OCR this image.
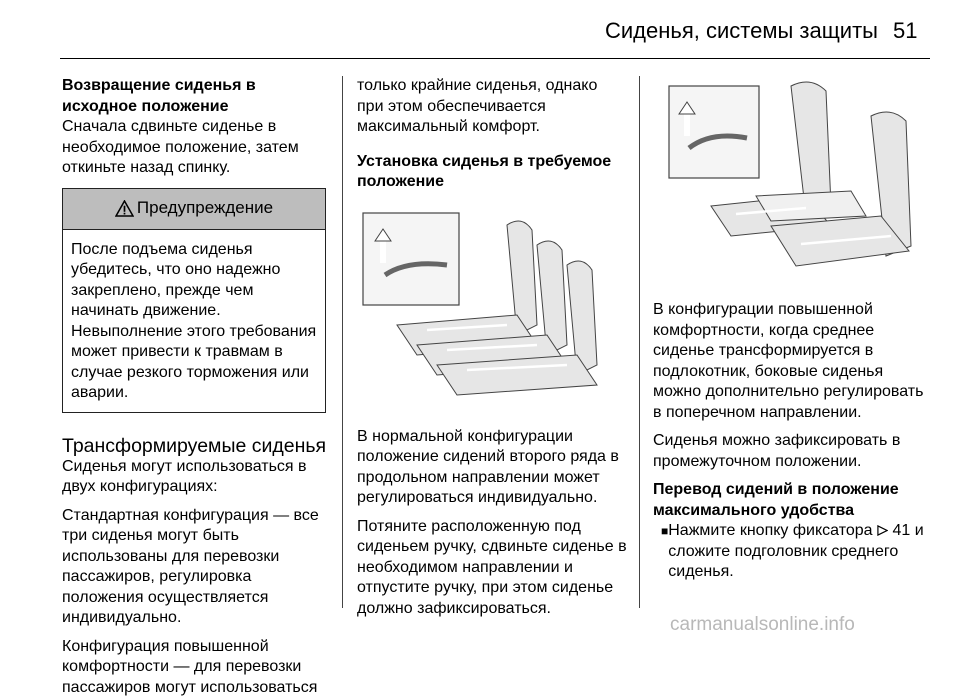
Сиденья, системы защиты 51

Возвращение сиденья в исходное положение

Сначала сдвиньте сиденье в необходимое положение, затем откиньте назад спинку.

Предупреждение
После подъема сиденья убедитесь, что оно надежно закреплено, прежде чем начинать движение. Невыполнение этого требования может привести к травмам в случае резкого торможения или аварии.
Трансформируемые сиденья

Сиденья могут использоваться в двух конфигурациях:

Стандартная конфигурация — все три сиденья могут быть использованы для перевозки пассажиров, регулировка положения осуществляется индивидуально.

Конфигурация повышенной комфортности — для перевозки пассажиров могут использоваться

только крайние сиденья, однако при этом обеспечивается максимальный комфорт.

Установка сиденья в требуемое положение

В нормальной конфигурации положение сидений второго ряда в продольном направлении может регулироваться индивидуально.

Потяните расположенную под сиденьем ручку, сдвиньте сиденье в необходимом направлении и отпустите ручку, при этом сиденье должно зафиксироваться.

В конфигурации повышенной комфортности, когда среднее сиденье трансформируется в подлокотник, боковые сиденья можно дополнительно регулировать в поперечном направлении.

Сиденья можно зафиксировать в промежуточном положении.

Перевод сидений в положение максимального удобства

■ Нажмите кнопку фиксатора 41 и сложите подголовник среднего сиденья.
carmanualsonline.info
